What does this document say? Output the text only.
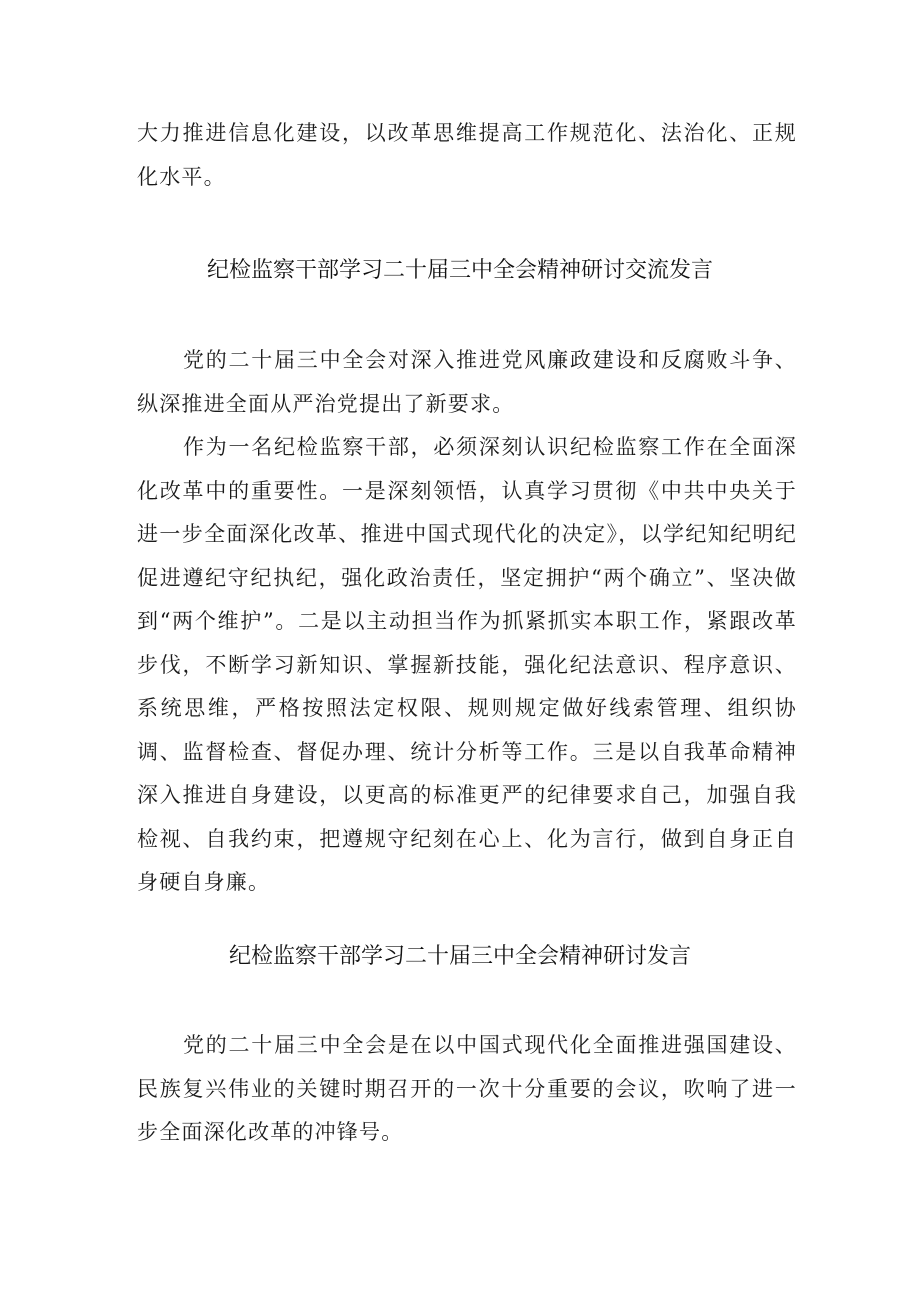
大力推进信息化建设，以改革思维提高工作规范化、法治化、正规化水平。

纪检监察干部学习二十届三中全会精神研讨交流发言

党的二十届三中全会对深入推进党风廉政建设和反腐败斗争、纵深推进全面从严治党提出了新要求。

作为一名纪检监察干部，必须深刻认识纪检监察工作在全面深化改革中的重要性。一是深刻领悟，认真学习贯彻《中共中央关于进一步全面深化改革、推进中国式现代化的决定》，以学纪知纪明纪促进遵纪守纪执纪，强化政治责任，坚定拥护“两个确立”、坚决做到“两个维护”。二是以主动担当作为抓紧抓实本职工作，紧跟改革步伐，不断学习新知识、掌握新技能，强化纪法意识、程序意识、系统思维，严格按照法定权限、规则规定做好线索管理、组织协调、监督检查、督促办理、统计分析等工作。三是以自我革命精神深入推进自身建设，以更高的标准更严的纪律要求自己，加强自我检视、自我约束，把遵规守纪刻在心上、化为言行，做到自身正自身硬自身廉。

纪检监察干部学习二十届三中全会精神研讨发言

党的二十届三中全会是在以中国式现代化全面推进强国建设、民族复兴伟业的关键时期召开的一次十分重要的会议，吹响了进一步全面深化改革的冲锋号。
